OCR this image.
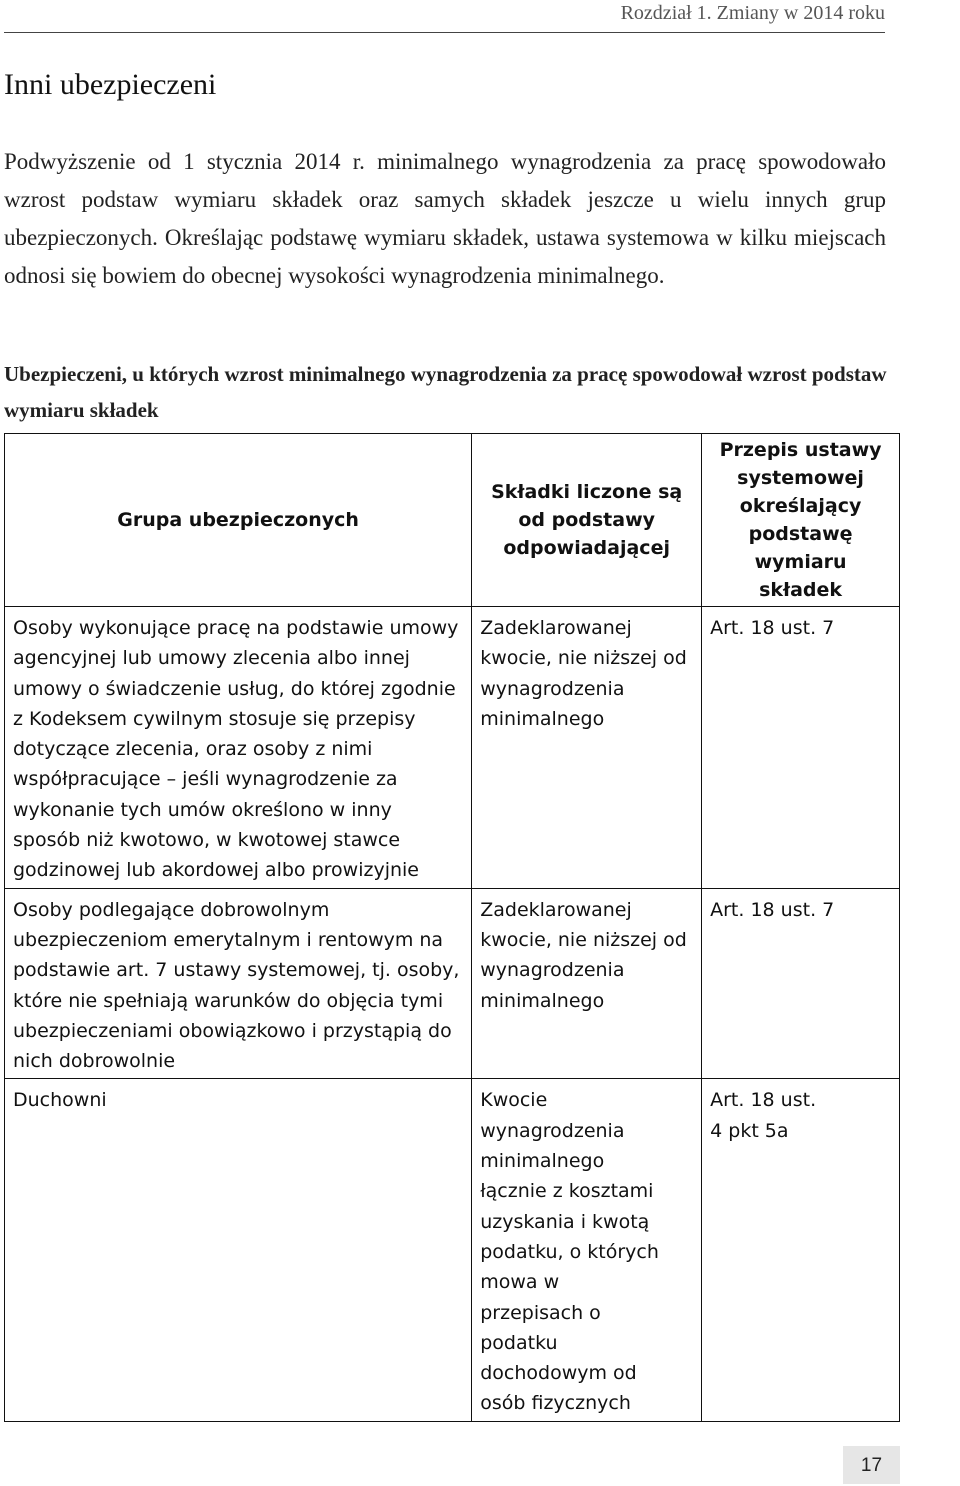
Rozdział 1. Zmiany w 2014 roku
Inni ubezpieczeni

Podwyższenie od 1 stycznia 2014 r. minimalnego wynagrodzenia za pracę spowodowało wzrost podstaw wymiaru składek oraz samych składek jeszcze u wielu innych grup ubezpieczonych. Określając podstawę wymiaru składek, ustawa systemowa w kilku miejscach odnosi się bowiem do obecnej wysokości wynagrodzenia minimalnego.

Ubezpieczeni, u których wzrost minimalnego wynagrodzenia za pracę spowodował wzrost podstaw wymiaru składek

Grupa ubezpieczonych	Składki liczone są od podstawy odpowiadającej	Przepis ustawy systemowej określający podstawę wymiaru składek
Osoby wykonujące pracę na podstawie umowy agencyjnej lub umowy zlecenia albo innej umowy o świadczenie usług, do której zgodnie z Kodeksem cywilnym stosuje się przepisy dotyczące zlecenia, oraz osoby z nimi współpracujące – jeśli wynagrodzenie za wykonanie tych umów określono w inny sposób niż kwotowo, w kwotowej stawce godzinowej lub akordowej albo prowizyjnie	Zadeklarowanej kwocie, nie niższej od wynagrodzenia minimalnego	Art. 18 ust. 7
Osoby podlegające dobrowolnym ubezpieczeniom emerytalnym i rentowym na podstawie art. 7 ustawy systemowej, tj. osoby, które nie spełniają warunków do objęcia tymi ubezpieczeniami obowiązkowo i przystąpią do nich dobrowolnie	Zadeklarowanej kwocie, nie niższej od wynagrodzenia minimalnego	Art. 18 ust. 7
Duchowni	Kwocie wynagrodzenia minimalnego łącznie z kosztami uzyskania i kwotą podatku, o których mowa w przepisach o podatku dochodowym od osób fizycznych	Art. 18 ust. 4 pkt 5a
17
